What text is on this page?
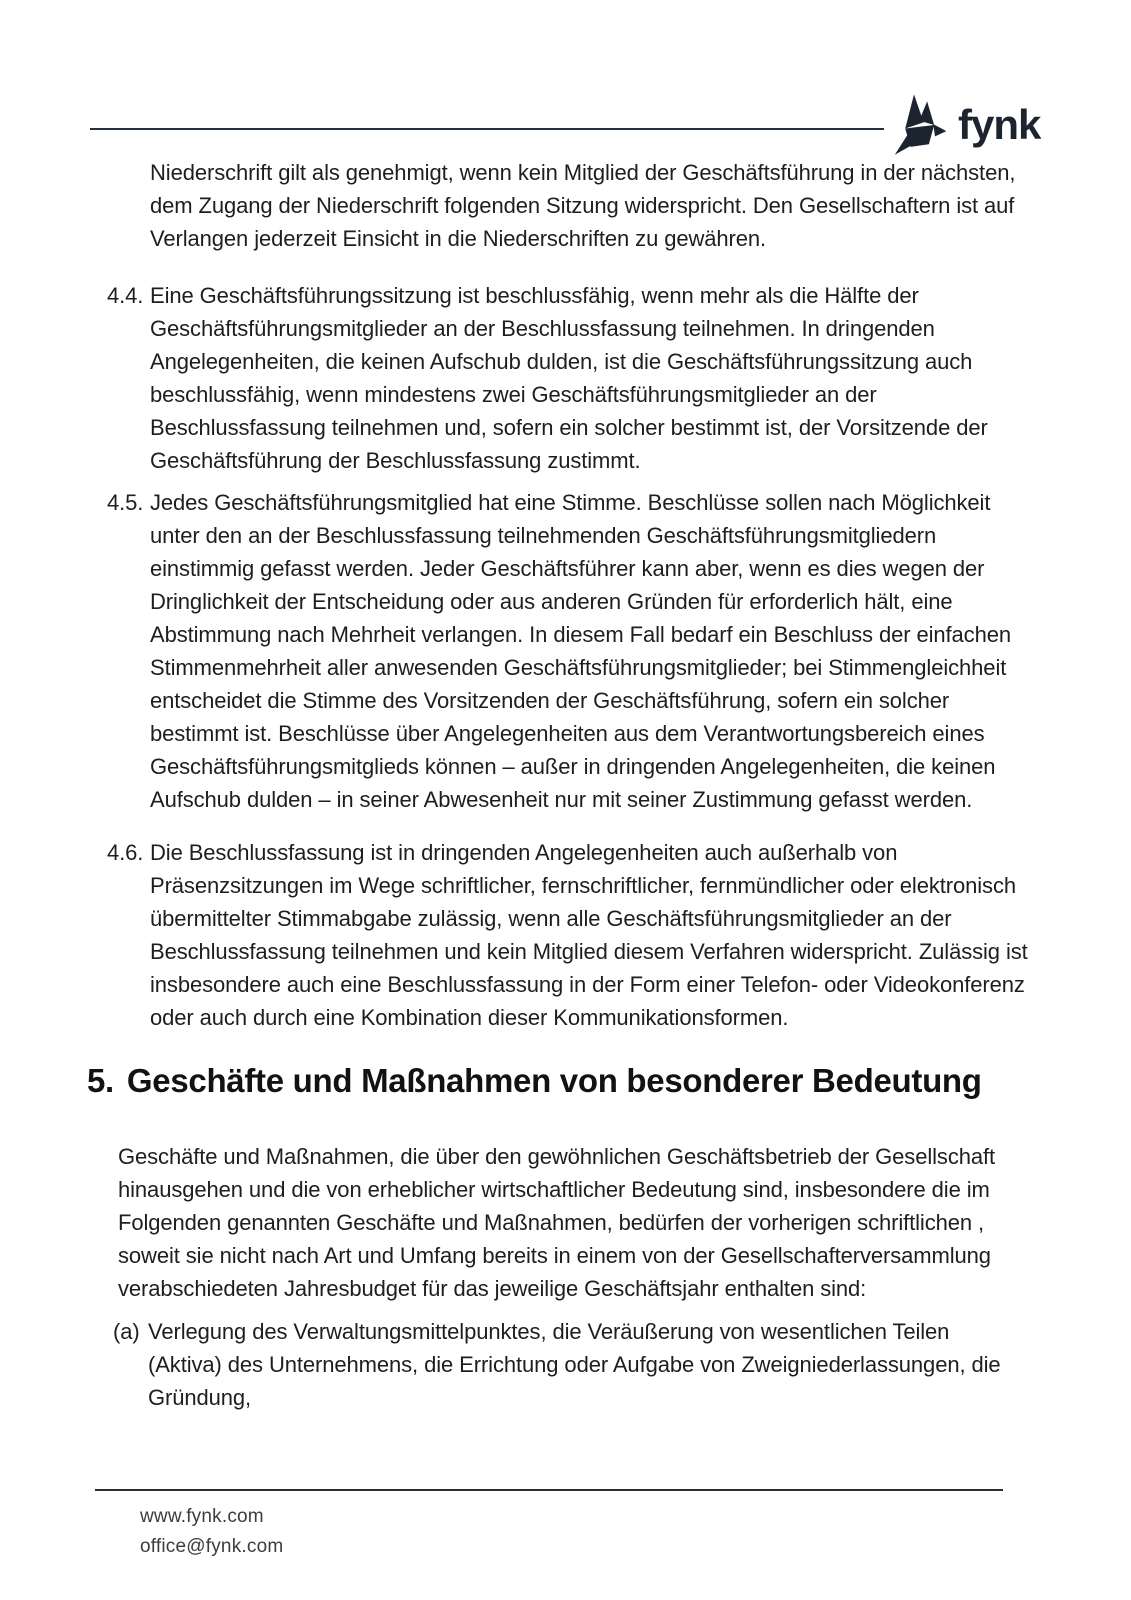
fynk
Niederschrift gilt als genehmigt, wenn kein Mitglied der Geschäftsführung in der nächsten, dem Zugang der Niederschrift folgenden Sitzung widerspricht. Den Gesellschaftern ist auf Verlangen jederzeit Einsicht in die Niederschriften zu gewähren.
4.4. Eine Geschäftsführungssitzung ist beschlussfähig, wenn mehr als die Hälfte der Geschäftsführungsmitglieder an der Beschlussfassung teilnehmen. In dringenden Angelegenheiten, die keinen Aufschub dulden, ist die Geschäftsführungssitzung auch beschlussfähig, wenn mindestens zwei Geschäftsführungsmitglieder an der Beschlussfassung teilnehmen und, sofern ein solcher bestimmt ist, der Vorsitzende der Geschäftsführung der Beschlussfassung zustimmt.
4.5. Jedes Geschäftsführungsmitglied hat eine Stimme. Beschlüsse sollen nach Möglichkeit unter den an der Beschlussfassung teilnehmenden Geschäftsführungsmitgliedern einstimmig gefasst werden. Jeder Geschäftsführer kann aber, wenn es dies wegen der Dringlichkeit der Entscheidung oder aus anderen Gründen für erforderlich hält, eine Abstimmung nach Mehrheit verlangen. In diesem Fall bedarf ein Beschluss der einfachen Stimmenmehrheit aller anwesenden Geschäftsführungsmitglieder; bei Stimmengleichheit entscheidet die Stimme des Vorsitzenden der Geschäftsführung, sofern ein solcher bestimmt ist. Beschlüsse über Angelegenheiten aus dem Verantwortungsbereich eines Geschäftsführungsmitglieds können – außer in dringenden Angelegenheiten, die keinen Aufschub dulden – in seiner Abwesenheit nur mit seiner Zustimmung gefasst werden.
4.6. Die Beschlussfassung ist in dringenden Angelegenheiten auch außerhalb von Präsenzsitzungen im Wege schriftlicher, fernschriftlicher, fernmündlicher oder elektronisch übermittelter Stimmabgabe zulässig, wenn alle Geschäftsführungsmitglieder an der Beschlussfassung teilnehmen und kein Mitglied diesem Verfahren widerspricht. Zulässig ist insbesondere auch eine Beschlussfassung in der Form einer Telefon- oder Videokonferenz oder auch durch eine Kombination dieser Kommunikationsformen.
5. Geschäfte und Maßnahmen von besonderer Bedeutung
Geschäfte und Maßnahmen, die über den gewöhnlichen Geschäftsbetrieb der Gesellschaft hinausgehen und die von erheblicher wirtschaftlicher Bedeutung sind, insbesondere die im Folgenden genannten Geschäfte und Maßnahmen, bedürfen der vorherigen schriftlichen , soweit sie nicht nach Art und Umfang bereits in einem von der Gesellschafterversammlung verabschiedeten Jahresbudget für das jeweilige Geschäftsjahr enthalten sind:
(a) Verlegung des Verwaltungsmittelpunktes, die Veräußerung von wesentlichen Teilen (Aktiva) des Unternehmens, die Errichtung oder Aufgabe von Zweigniederlassungen, die Gründung,
www.fynk.com
office@fynk.com
